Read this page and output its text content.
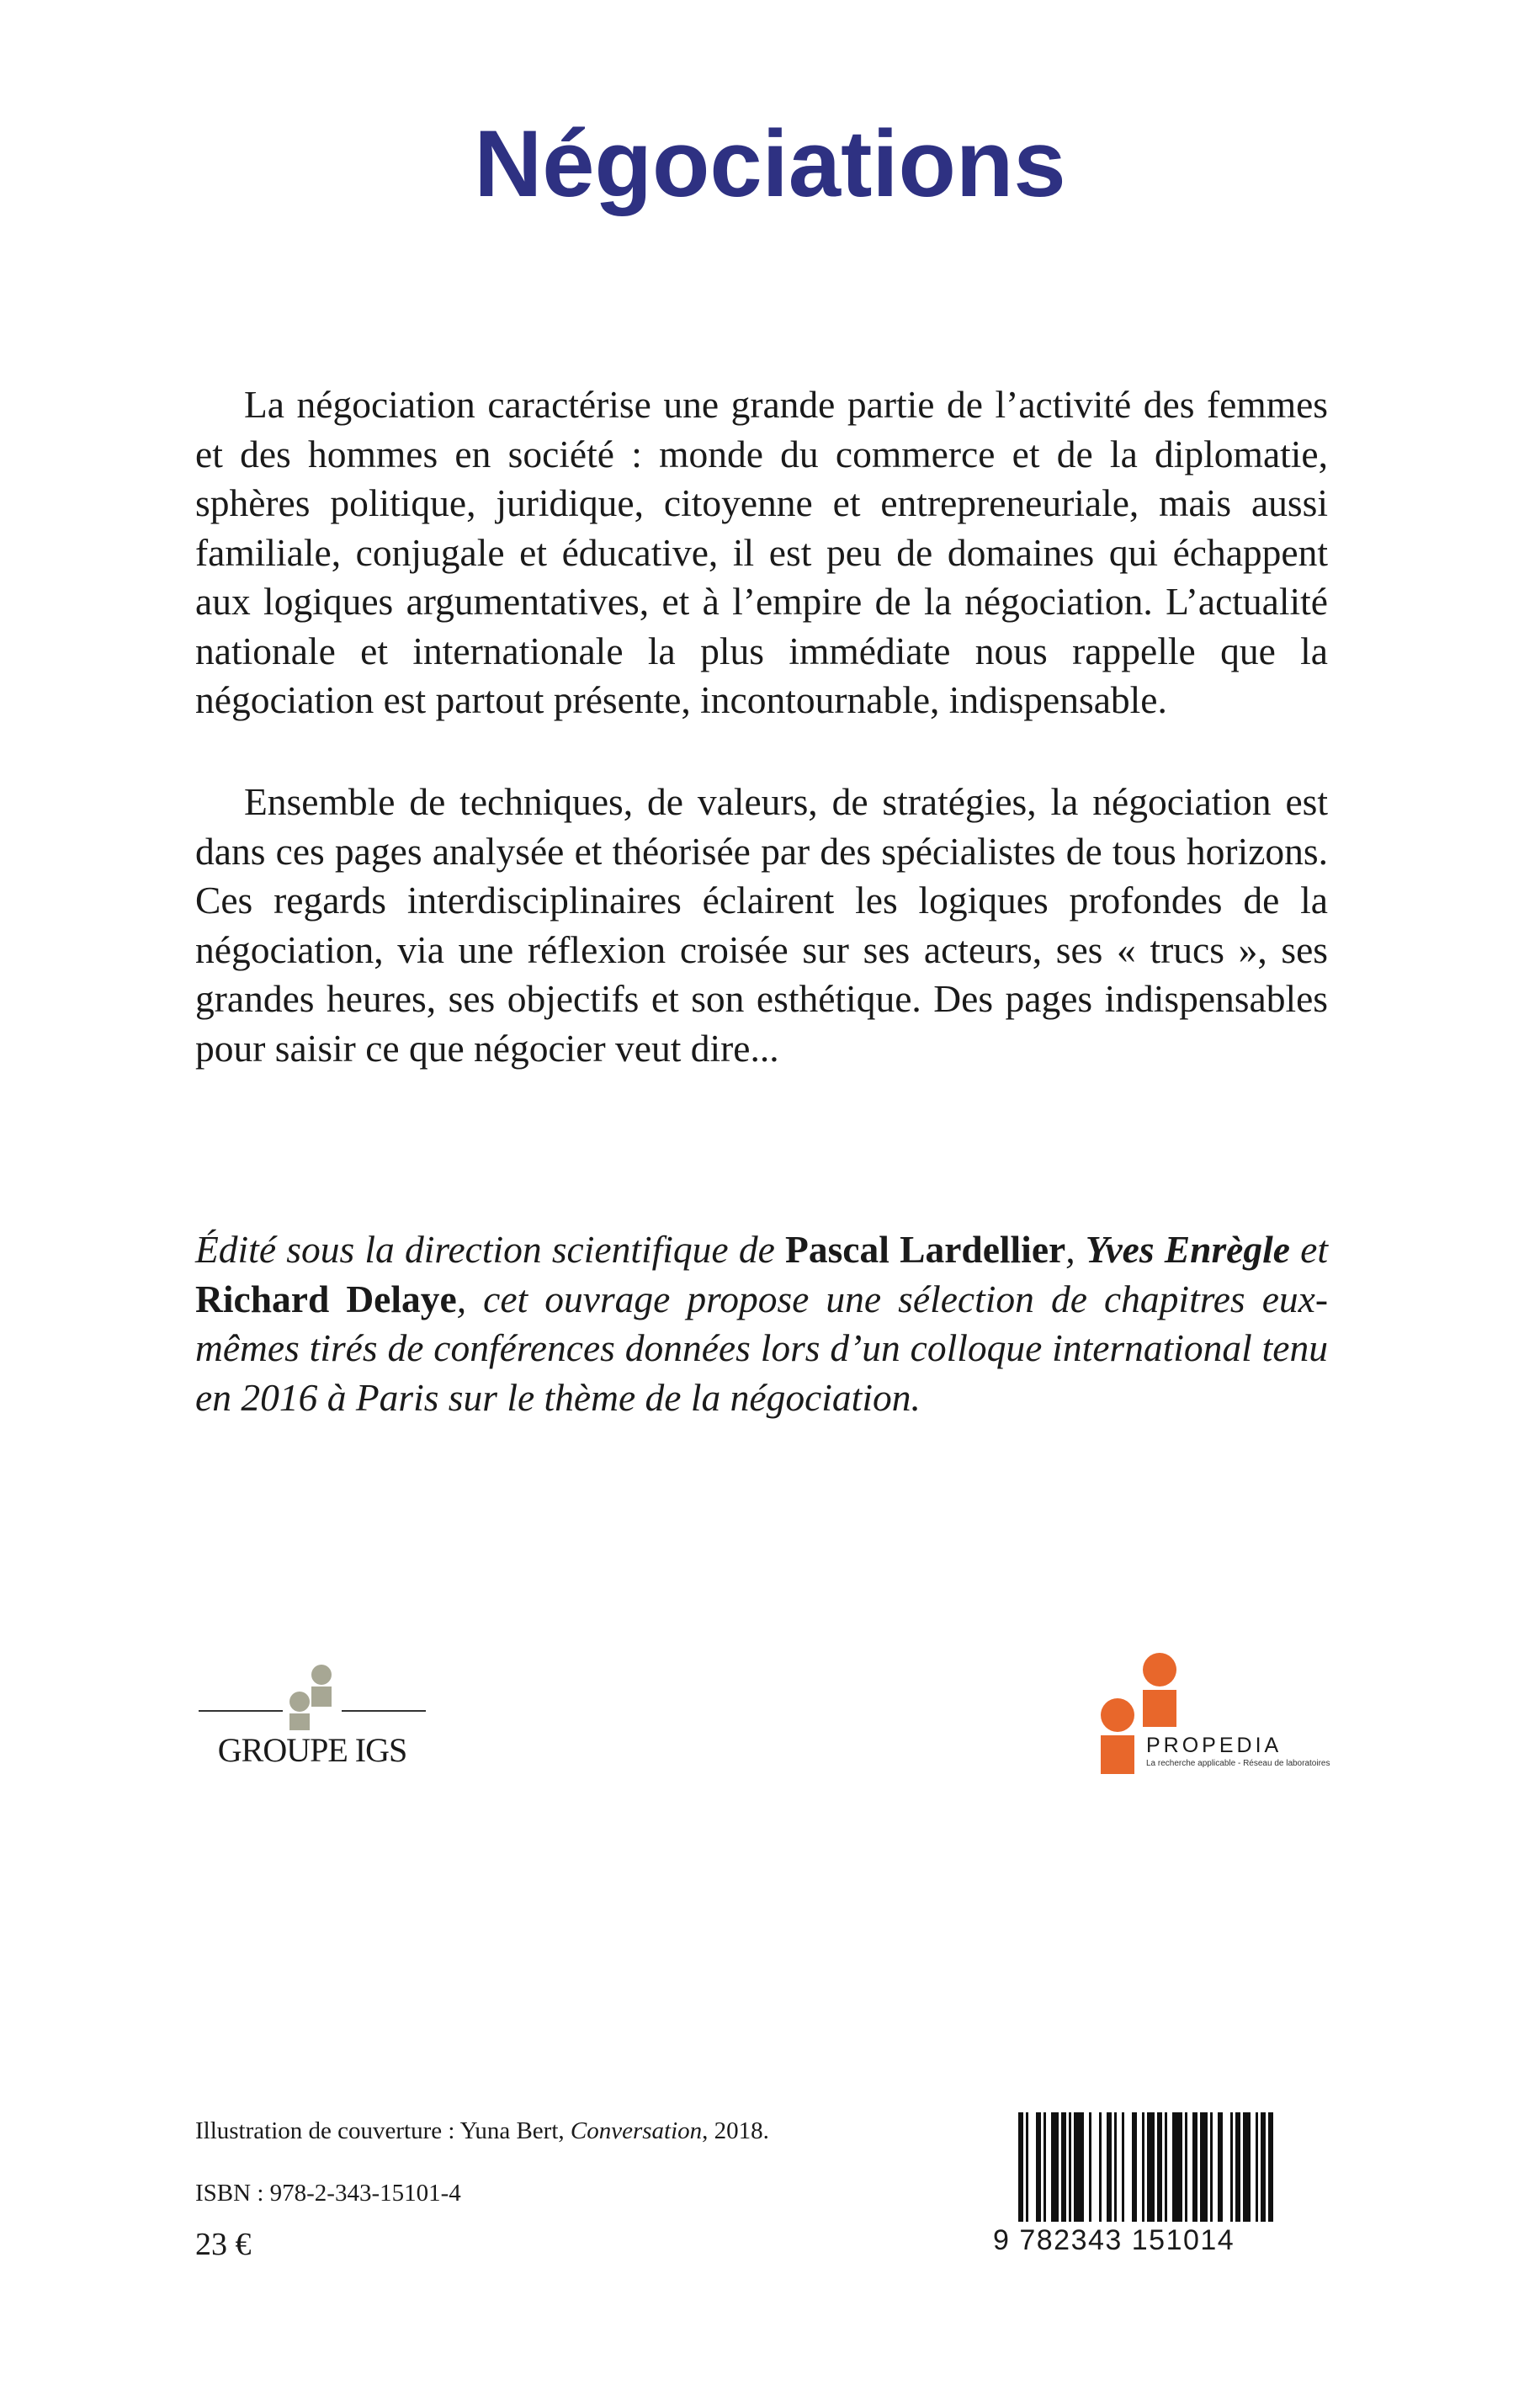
Négociations

La négociation caractérise une grande partie de l’activité des femmes et des hommes en société : monde du commerce et de la diplomatie, sphères politique, juridique, citoyenne et entrepreneuriale, mais aussi familiale, conjugale et éducative, il est peu de domaines qui échappent aux logiques argumentatives, et à l’empire de la négociation. L’actualité nationale et internationale la plus immédiate nous rappelle que la négociation est partout présente, incontournable, indispensable.

Ensemble de techniques, de valeurs, de stratégies, la négociation est dans ces pages analysée et théorisée par des spécialistes de tous horizons. Ces regards interdisciplinaires éclairent les logiques profondes de la négociation, via une réflexion croisée sur ses acteurs, ses « trucs », ses grandes heures, ses objectifs et son esthétique. Des pages indispensables pour saisir ce que négocier veut dire...

Édité sous la direction scientifique de Pascal Lardellier, Yves Enrègle et Richard Delaye, cet ouvrage propose une sélection de chapitres eux-mêmes tirés de conférences données lors d’un colloque international tenu en 2016 à Paris sur le thème de la négociation.

GROUPE IGS	PROPEDIA
La recherche applicable - Réseau de laboratoires

Illustration de couverture : Yuna Bert, Conversation, 2018.

ISBN : 978-2-343-15101-4

23 €	9 782343 151014
